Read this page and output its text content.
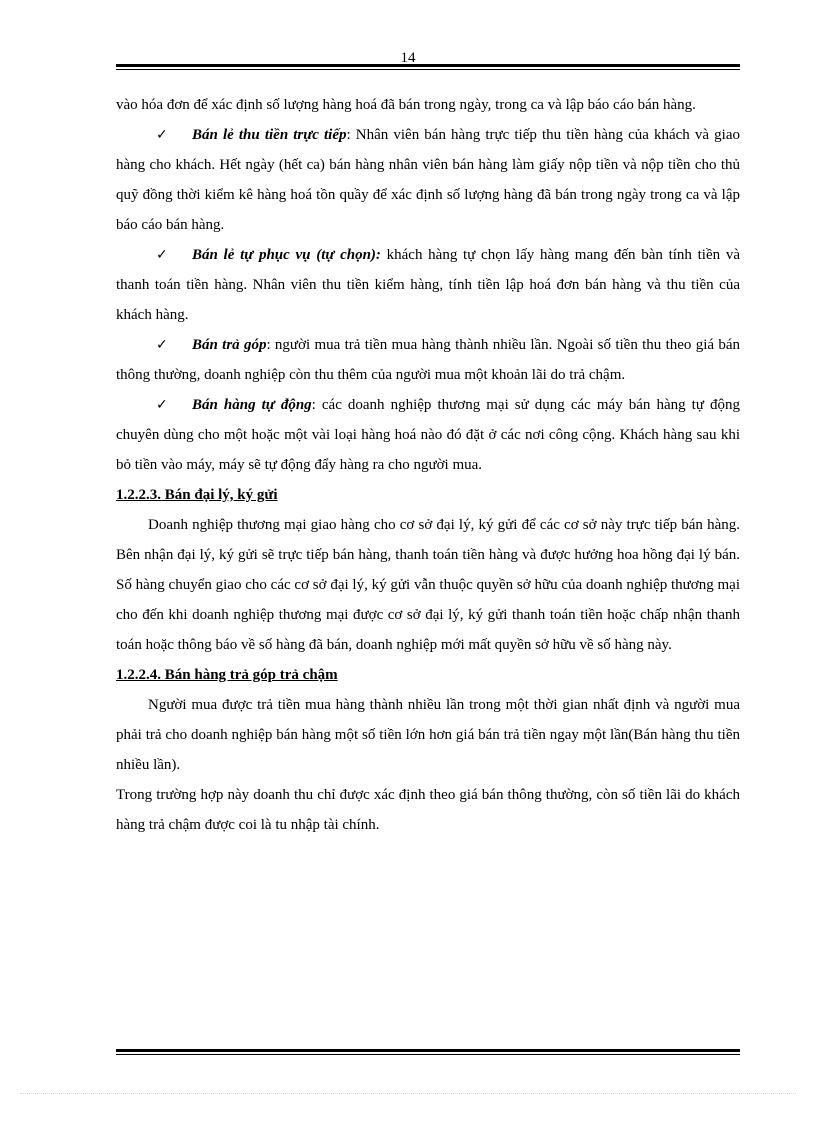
14

vào hóa đơn để xác định số lượng hàng hoá đã bán trong ngày, trong ca và lập báo cáo bán hàng.

✓ Bán lẻ thu tiền trực tiếp: Nhân viên bán hàng trực tiếp thu tiền hàng của khách và giao hàng cho khách. Hết ngày (hết ca) bán hàng nhân viên bán hàng làm giấy nộp tiền và nộp tiền cho thủ quỹ đồng thời kiểm kê hàng hoá tồn quầy để xác định số lượng hàng đã bán trong ngày trong ca và lập báo cáo bán hàng.

✓ Bán lẻ tự phục vụ (tự chọn): khách hàng tự chọn lấy hàng mang đến bàn tính tiền và thanh toán tiền hàng. Nhân viên thu tiền kiểm hàng, tính tiền lập hoá đơn bán hàng và thu tiền của khách hàng.

✓ Bán trả góp: người mua trả tiền mua hàng thành nhiều lần. Ngoài số tiền thu theo giá bán thông thường, doanh nghiệp còn thu thêm của người mua một khoản lãi do trả chậm.

✓ Bán hàng tự động: các doanh nghiệp thương mại sử dụng các máy bán hàng tự động chuyên dùng cho một hoặc một vài loại hàng hoá nào đó đặt ở các nơi công cộng. Khách hàng sau khi bỏ tiền vào máy, máy sẽ tự động đẩy hàng ra cho người mua.

1.2.2.3. Bán đại lý, ký gửi

Doanh nghiệp thương mại giao hàng cho cơ sở đại lý, ký gửi để các cơ sở này trực tiếp bán hàng. Bên nhận đại lý, ký gửi sẽ trực tiếp bán hàng, thanh toán tiền hàng và được hưởng hoa hồng đại lý bán. Số hàng chuyển giao cho các cơ sở đại lý, ký gửi vẫn thuộc quyền sở hữu của doanh nghiệp thương mại cho đến khi doanh nghiệp thương mại được cơ sở đại lý, ký gửi thanh toán tiền hoặc chấp nhận thanh toán hoặc thông báo về số hàng đã bán, doanh nghiệp mới mất quyền sở hữu về số hàng này.

1.2.2.4. Bán hàng trả góp trả chậm

Người mua được trả tiền mua hàng thành nhiều lần trong một thời gian nhất định và người mua phải trả cho doanh nghiệp bán hàng một số tiền lớn hơn giá bán trả tiền ngay một lần(Bán hàng thu tiền nhiều lần).

Trong trường hợp này doanh thu chỉ được xác định theo giá bán thông thường, còn số tiền lãi do khách hàng trả chậm được coi là tu nhập tài chính.
